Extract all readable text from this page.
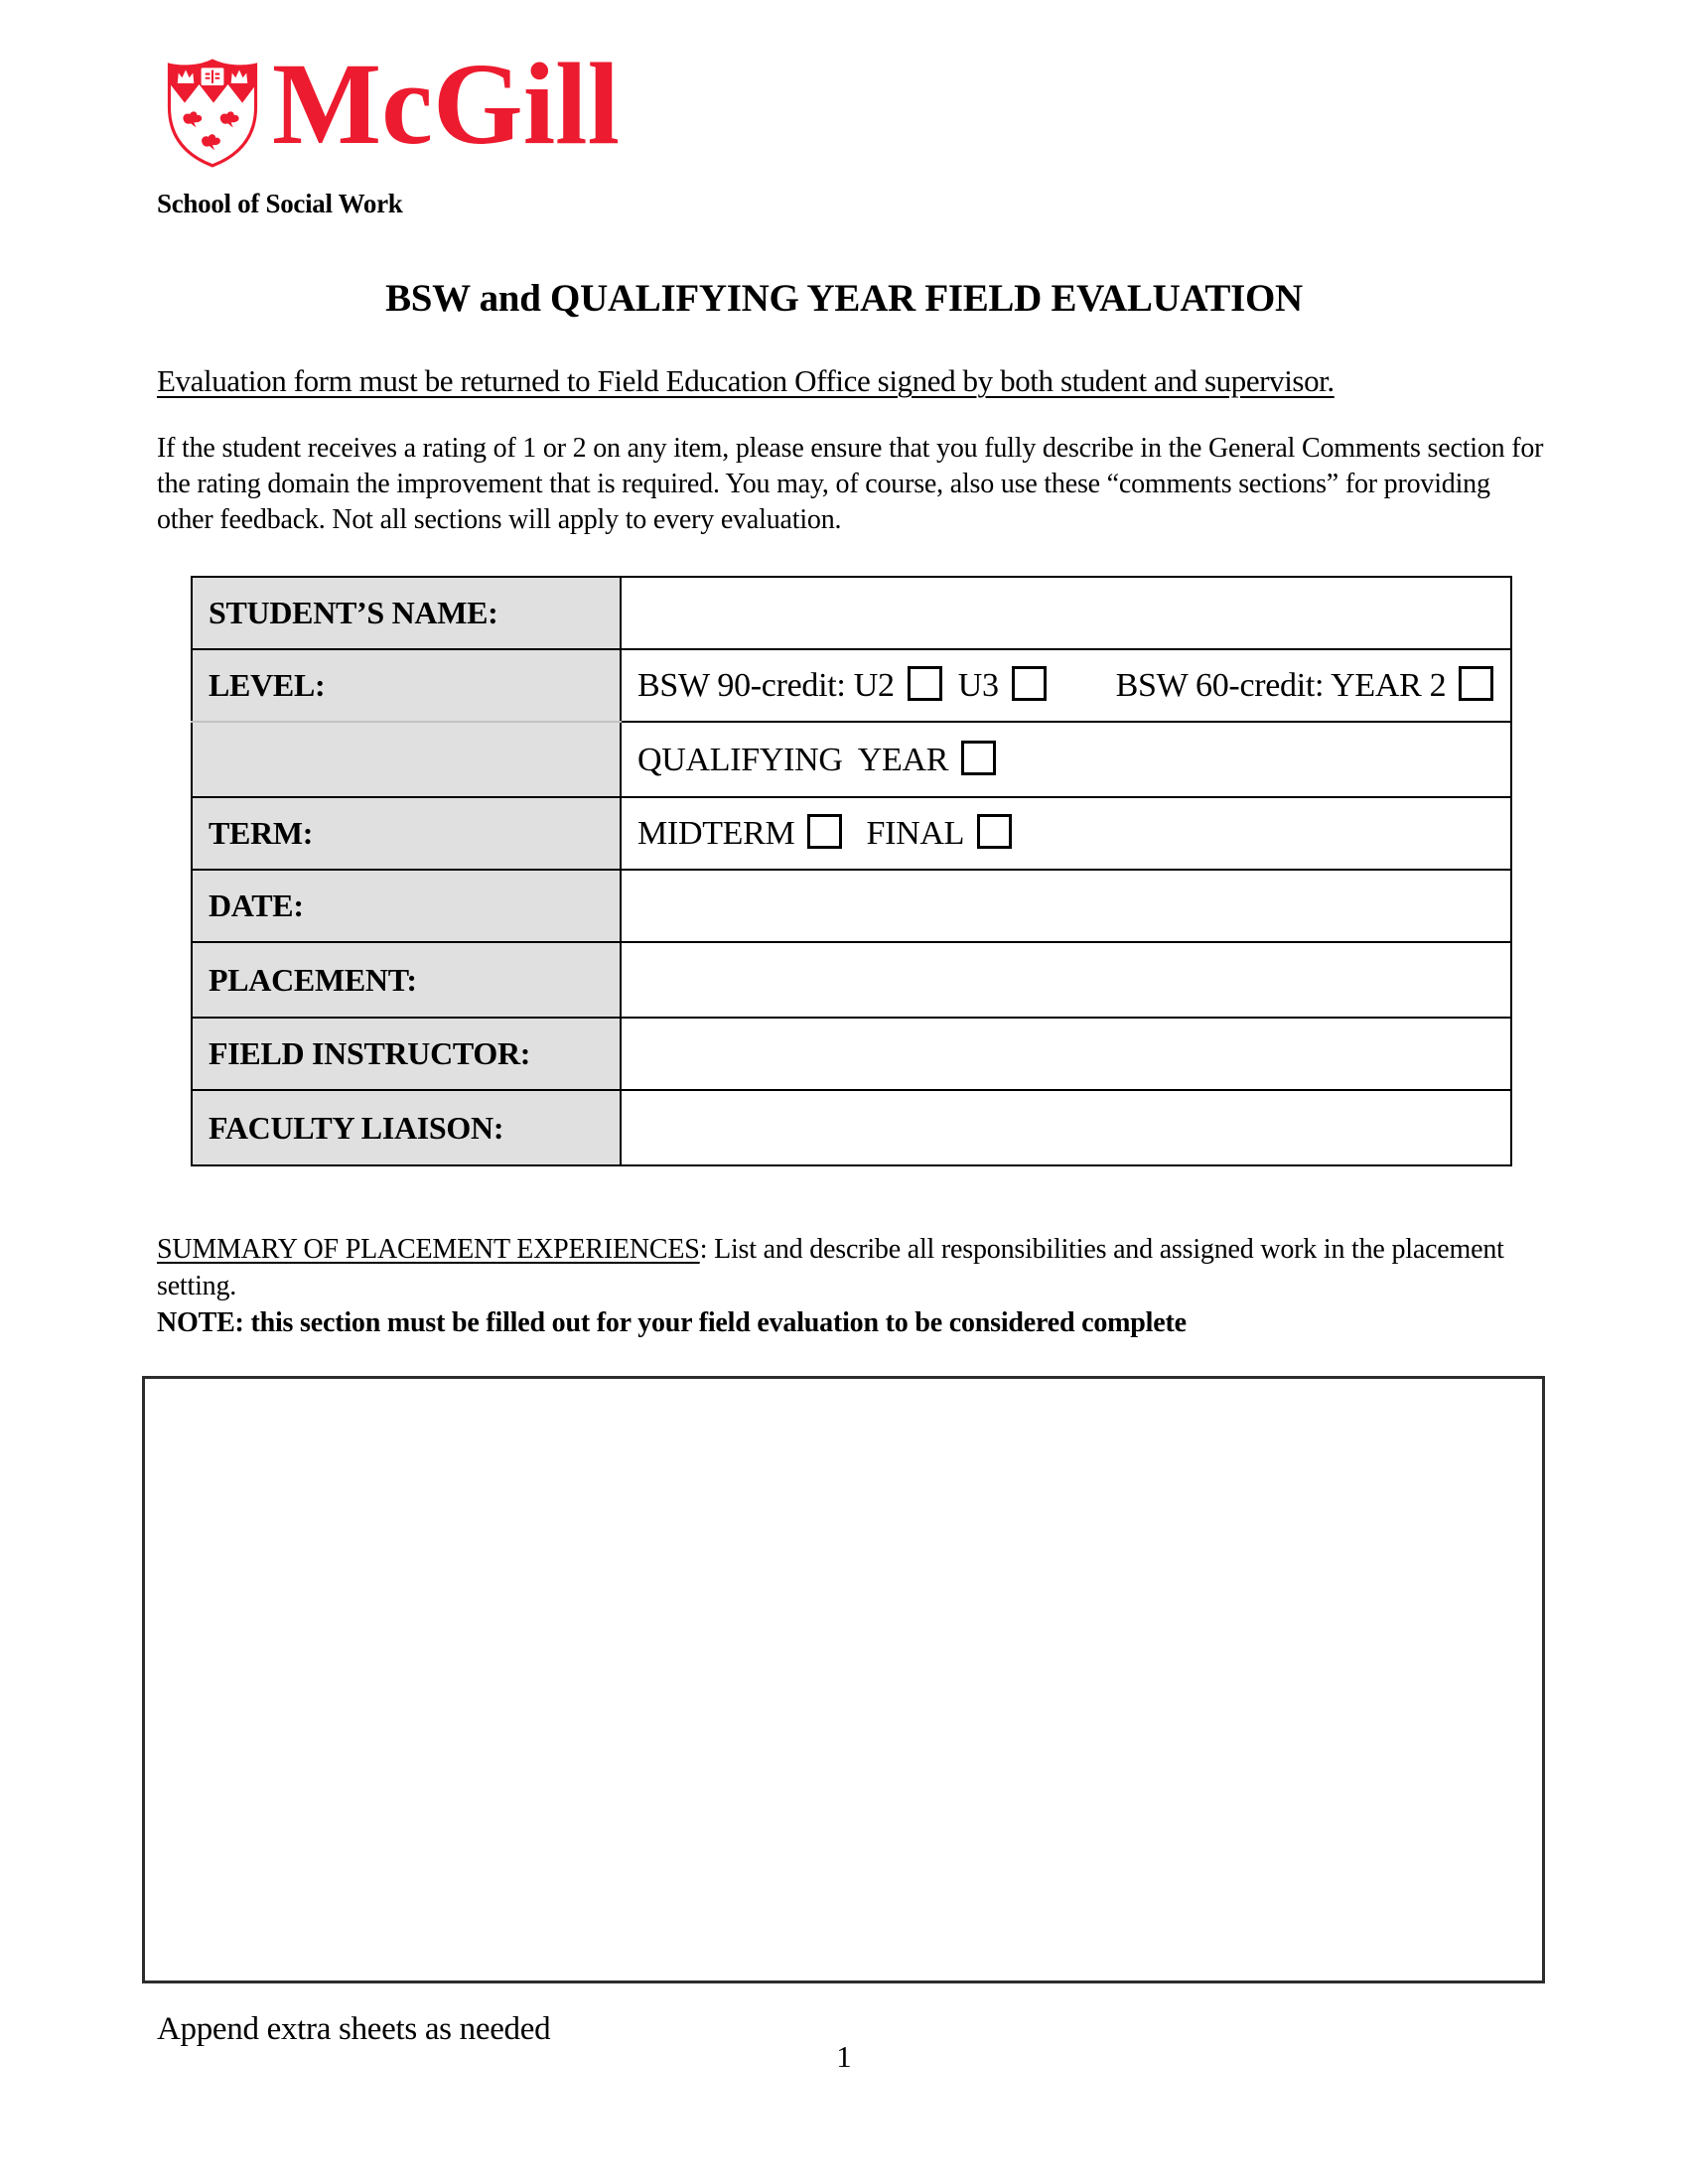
McGill
School of Social Work
BSW and QUALIFYING YEAR FIELD EVALUATION
Evaluation form must be returned to Field Education Office signed by both student and supervisor.
If the student receives a rating of 1 or 2 on any item, please ensure that you fully describe in the General Comments section for the rating domain the improvement that is required. You may, of course, also use these “comments sections” for providing other feedback. Not all sections will apply to every evaluation.
STUDENT’S NAME:	
LEVEL:	BSW 90-credit: U2 U3 BSW 60-credit: YEAR 2
	QUALIFYING  YEAR
TERM:	MIDTERM FINAL
DATE:	
PLACEMENT:	
FIELD INSTRUCTOR:	
FACULTY LIAISON:	
SUMMARY OF PLACEMENT EXPERIENCES: List and describe all responsibilities and assigned work in the placement setting.
NOTE: this section must be filled out for your field evaluation to be considered complete
Append extra sheets as needed
1
